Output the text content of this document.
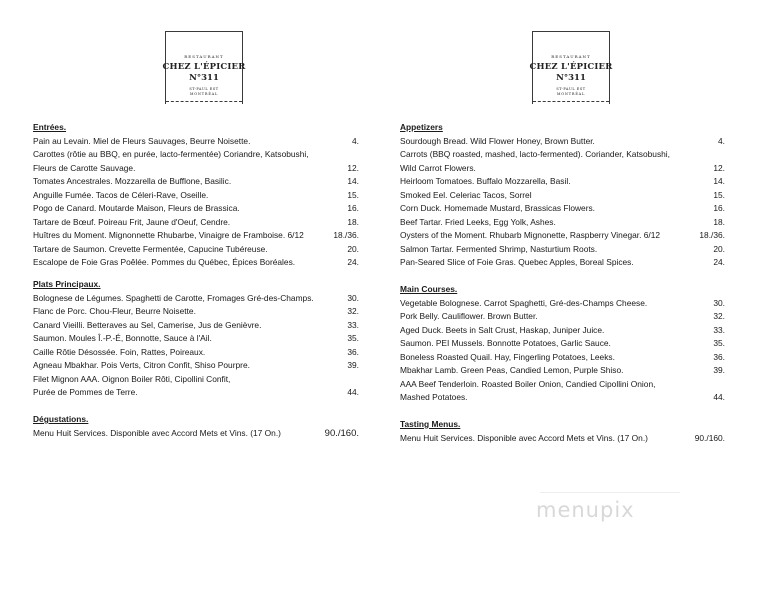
RESTAURANT
CHEZ L'ÉPICIER
N°311
ST-PAUL EST
MONTRÉAL
RESTAURANT
CHEZ L'ÉPICIER
N°311
ST-PAUL EST
MONTRÉAL
Entrées.
Pain au Levain. Miel de Fleurs Sauvages, Beurre Noisette.	4.
Carottes (rôtie au BBQ, en purée, lacto-fermentée) Coriandre, Katsobushi,
Fleurs de Carotte Sauvage.	12.
Tomates Ancestrales. Mozzarella de Bufflone, Basilic.	14.
Anguille Fumée. Tacos de Céleri-Rave, Oseille.	15.
Pogo de Canard. Moutarde Maison, Fleurs de Brassica.	16.
Tartare de Bœuf. Poireau Frit, Jaune d'Oeuf, Cendre.	18.
Huîtres du Moment. Mignonnette Rhubarbe, Vinaigre de Framboise. 6/12	18./36.
Tartare de Saumon. Crevette Fermentée, Capucine Tubéreuse.	20.
Escalope de Foie Gras Poêlée. Pommes du Québec, Épices Boréales.	24.
Plats Principaux.
Bolognese de Légumes. Spaghetti de Carotte, Fromages Gré-des-Champs.	30.
Flanc de Porc. Chou-Fleur, Beurre Noisette.	32.
Canard Vieilli. Betteraves au Sel, Camerise, Jus de Genièvre.	33.
Saumon. Moules Î.-P.-É, Bonnotte, Sauce à l'Ail.	35.
Caille Rôtie Désossée. Foin, Rattes, Poireaux.	36.
Agneau Mbakhar. Pois Verts, Citron Confit, Shiso Pourpre.	39.
Filet Mignon AAA. Oignon Boiler Rôti, Cipollini Confit,
Purée de Pommes de Terre.	44.
Dégustations.
Menu Huit Services. Disponible avec Accord Mets et Vins. (17 On.)	90./160.
Appetizers
Sourdough Bread. Wild Flower Honey, Brown Butter.	4.
Carrots (BBQ roasted, mashed, lacto-fermented). Coriander, Katsobushi,
Wild Carrot Flowers.	12.
Heirloom Tomatoes. Buffalo Mozzarella, Basil.	14.
Smoked Eel. Celeriac Tacos, Sorrel	15.
Corn Duck. Homemade Mustard, Brassicas Flowers.	16.
Beef Tartar. Fried Leeks, Egg Yolk, Ashes.	18.
Oysters of the Moment. Rhubarb Mignonette, Raspberry Vinegar. 6/12	18./36.
Salmon Tartar. Fermented Shrimp, Nasturtium Roots.	20.
Pan-Seared Slice of Foie Gras. Quebec Apples, Boreal Spices.	24.
Main Courses.
Vegetable Bolognese. Carrot Spaghetti, Gré-des-Champs Cheese.	30.
Pork Belly. Cauliflower. Brown Butter.	32.
Aged Duck. Beets in Salt Crust, Haskap, Juniper Juice.	33.
Saumon. PEI Mussels. Bonnotte Potatoes, Garlic Sauce.	35.
Boneless Roasted Quail. Hay, Fingerling Potatoes, Leeks.	36.
Mbakhar Lamb. Green Peas, Candied Lemon, Purple Shiso.	39.
AAA Beef Tenderloin. Roasted Boiler Onion, Candied Cipollini Onion,
Mashed Potatoes.	44.
Tasting Menus.
Menu Huit Services. Disponible avec Accord Mets et Vins. (17 On.)	90./160.
menupix
